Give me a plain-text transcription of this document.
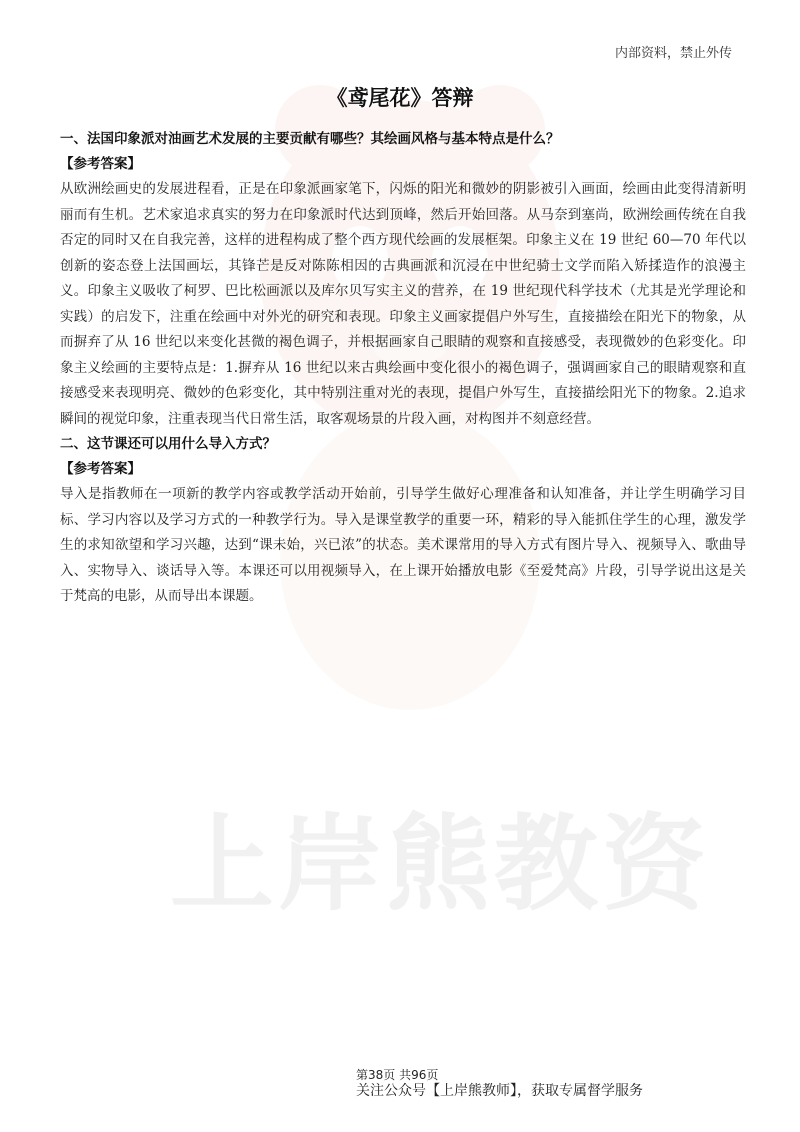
上岸熊教资
内部资料，禁止外传
《鸢尾花》答辩

一、法国印象派对油画艺术发展的主要贡献有哪些？其绘画风格与基本特点是什么？

【参考答案】

从欧洲绘画史的发展进程看，正是在印象派画家笔下，闪烁的阳光和微妙的阴影被引入画面，绘画由此变得清新明丽而有生机。艺术家追求真实的努力在印象派时代达到顶峰，然后开始回落。从马奈到塞尚，欧洲绘画传统在自我否定的同时又在自我完善，这样的进程构成了整个西方现代绘画的发展框架。印象主义在 19 世纪 60—70 年代以创新的姿态登上法国画坛，其锋芒是反对陈陈相因的古典画派和沉浸在中世纪骑士文学而陷入矫揉造作的浪漫主义。印象主义吸收了柯罗、巴比松画派以及库尔贝写实主义的营养，在 19 世纪现代科学技术（尤其是光学理论和实践）的启发下，注重在绘画中对外光的研究和表现。印象主义画家提倡户外写生，直接描绘在阳光下的物象，从而摒弃了从 16 世纪以来变化甚微的褐色调子，并根据画家自己眼睛的观察和直接感受，表现微妙的色彩变化。印象主义绘画的主要特点是：1.摒弃从 16 世纪以来古典绘画中变化很小的褐色调子，强调画家自己的眼睛观察和直接感受来表现明亮、微妙的色彩变化，其中特别注重对光的表现，提倡户外写生，直接描绘阳光下的物象。2.追求瞬间的视觉印象，注重表现当代日常生活，取客观场景的片段入画，对构图并不刻意经营。

二、这节课还可以用什么导入方式？

【参考答案】

导入是指教师在一项新的教学内容或教学活动开始前，引导学生做好心理准备和认知准备，并让学生明确学习目标、学习内容以及学习方式的一种教学行为。导入是课堂教学的重要一环，精彩的导入能抓住学生的心理，激发学生的求知欲望和学习兴趣，达到“课未始，兴已浓”的状态。美术课常用的导入方式有图片导入、视频导入、歌曲导入、实物导入、谈话导入等。本课还可以用视频导入，在上课开始播放电影《至爱梵高》片段，引导学说出这是关于梵高的电影，从而导出本课题。

第38页 共96页
关注公众号【上岸熊教师】，获取专属督学服务
